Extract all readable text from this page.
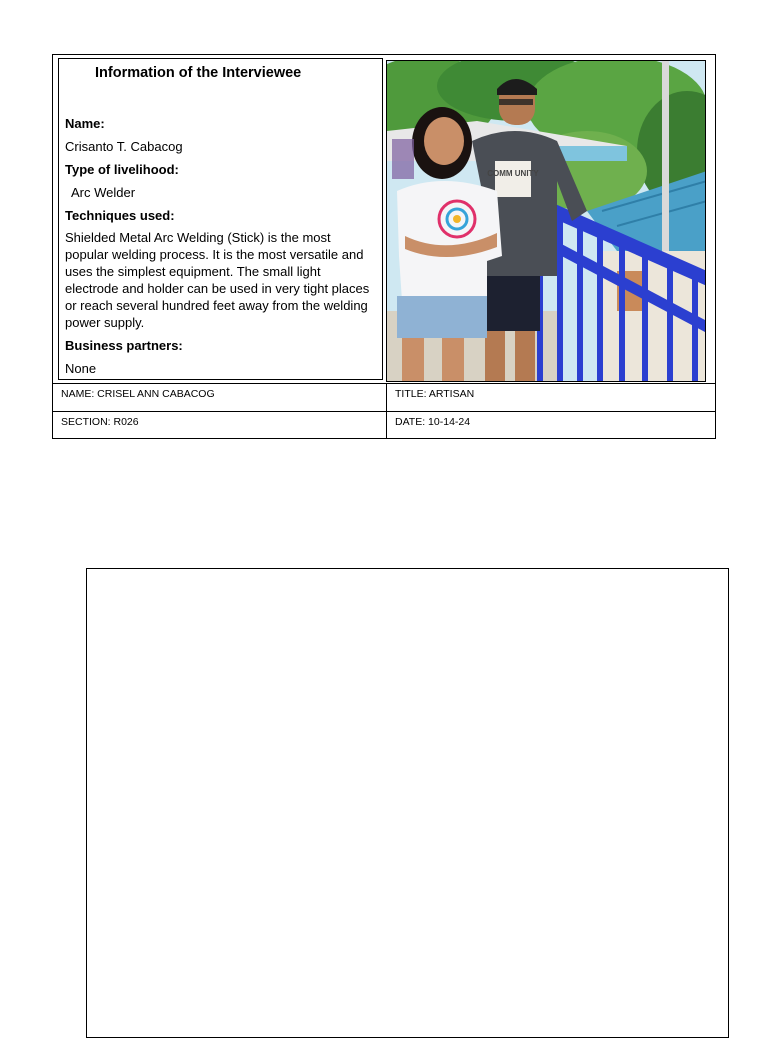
Information of the Interviewee

Name:

Crisanto T. Cabacog

Type of livelihood:

Arc Welder

Techniques used:

Shielded Metal Arc Welding (Stick) is the most popular welding process. It is the most versatile and uses the simplest equipment. The small light electrode and holder can be used in very tight places or reach several hundred feet away from the welding power supply.

Business partners:

None

COMM UNITY
NAME: CRISEL ANN CABACOG	TITLE: ARTISAN
SECTION: R026	DATE: 10-14-24
